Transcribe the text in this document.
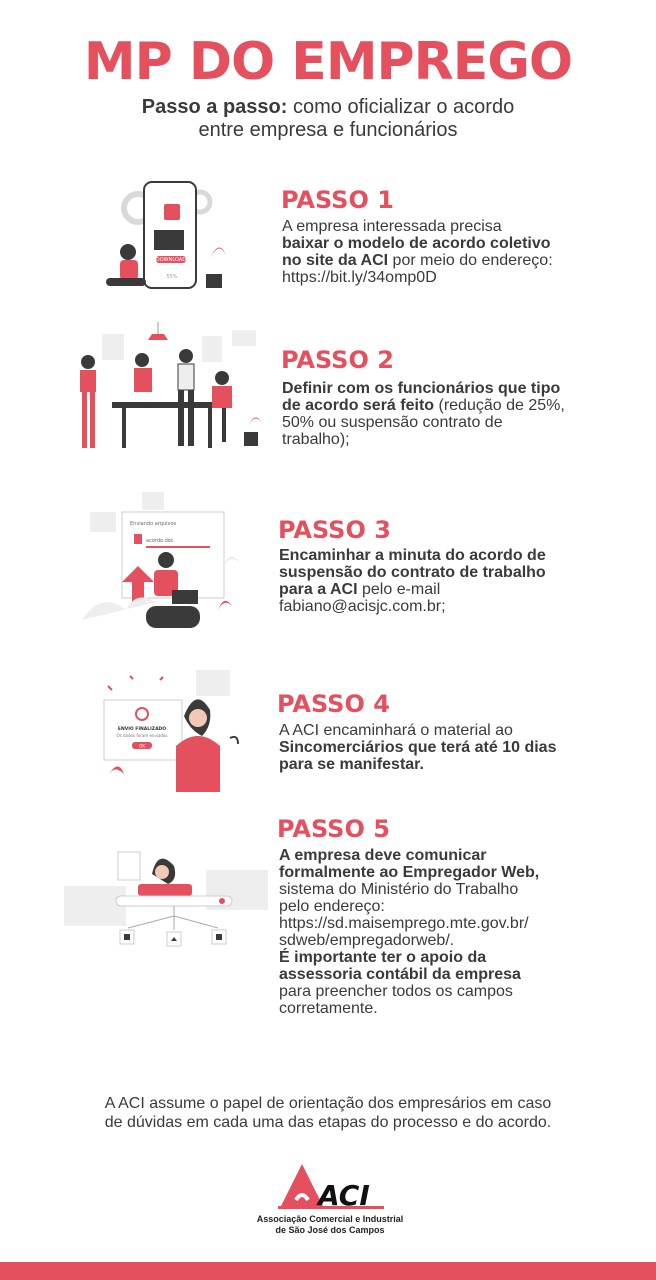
MP DO EMPREGO
Passo a passo: como oficializar o acordo
entre empresa e funcionários
DOWNLOAD
55%
PASSO 1
A empresa interessada precisa
baixar o modelo de acordo coletivo
no site da ACI por meio do endereço:
https://bit.ly/34omp0D
PASSO 2
Definir com os funcionários que tipo
de acordo será feito (redução de 25%,
50% ou suspensão contrato de
trabalho);
Enviando arquivos
acordo.doc	PASSO 3
Encaminhar a minuta do acordo de
suspensão do contrato de trabalho
para a ACI pelo e-mail
fabiano@acisjc.com.br;
ENVIO FINALIZADO
Os dados foram enviados
OK
PASSO 4
A ACI encaminhará o material ao
Sincomerciários que terá até 10 dias
para se manifestar.
PASSO 5
A empresa deve comunicar
formalmente ao Empregador Web,
sistema do Ministério do Trabalho
pelo endereço:
https://sd.maisemprego.mte.gov.br/
sdweb/empregadorweb/.
É importante ter o apoio da
assessoria contábil da empresa
para preencher todos os campos
corretamente.
A ACI assume o papel de orientação dos empresários em caso
de dúvidas em cada uma das etapas do processo e do acordo.
ACI
Associação Comercial e Industrial
de São José dos Campos
